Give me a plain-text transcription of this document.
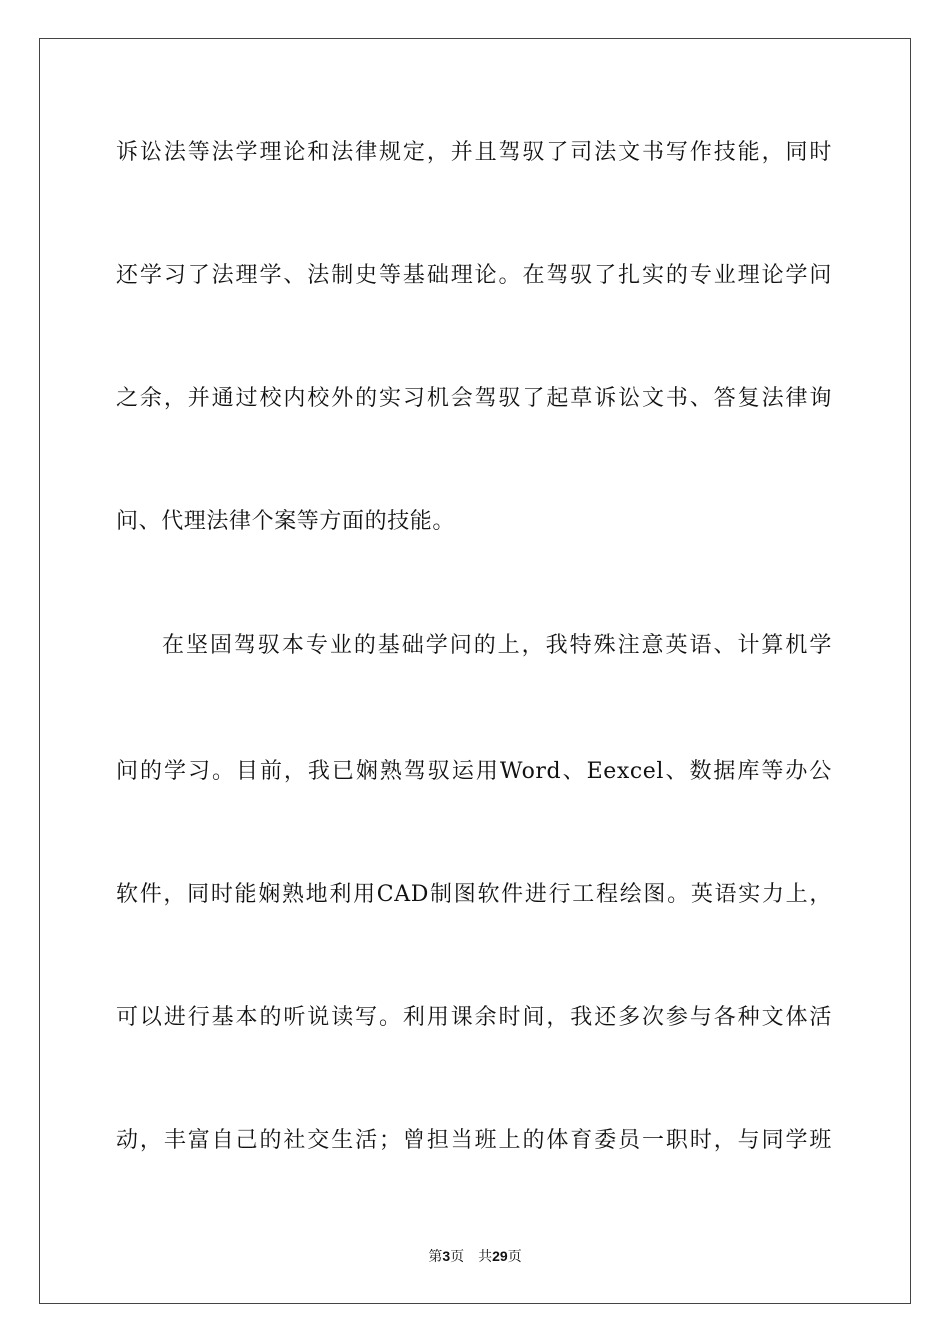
诉讼法等法学理论和法律规定，并且驾驭了司法文书写作技能，同时
还学习了法理学、法制史等基础理论。在驾驭了扎实的专业理论学问
之余，并通过校内校外的实习机会驾驭了起草诉讼文书、答复法律询
问、代理法律个案等方面的技能。
在坚固驾驭本专业的基础学问的上，我特殊注意英语、计算机学
问的学习。目前，我已娴熟驾驭运用Word、Eexcel、数据库等办公
软件，同时能娴熟地利用CAD制图软件进行工程绘图。英语实力上，
可以进行基本的听说读写。利用课余时间，我还多次参与各种文体活
动，丰富自己的社交生活；曾担当班上的体育委员一职时，与同学班
第3页 共29页
